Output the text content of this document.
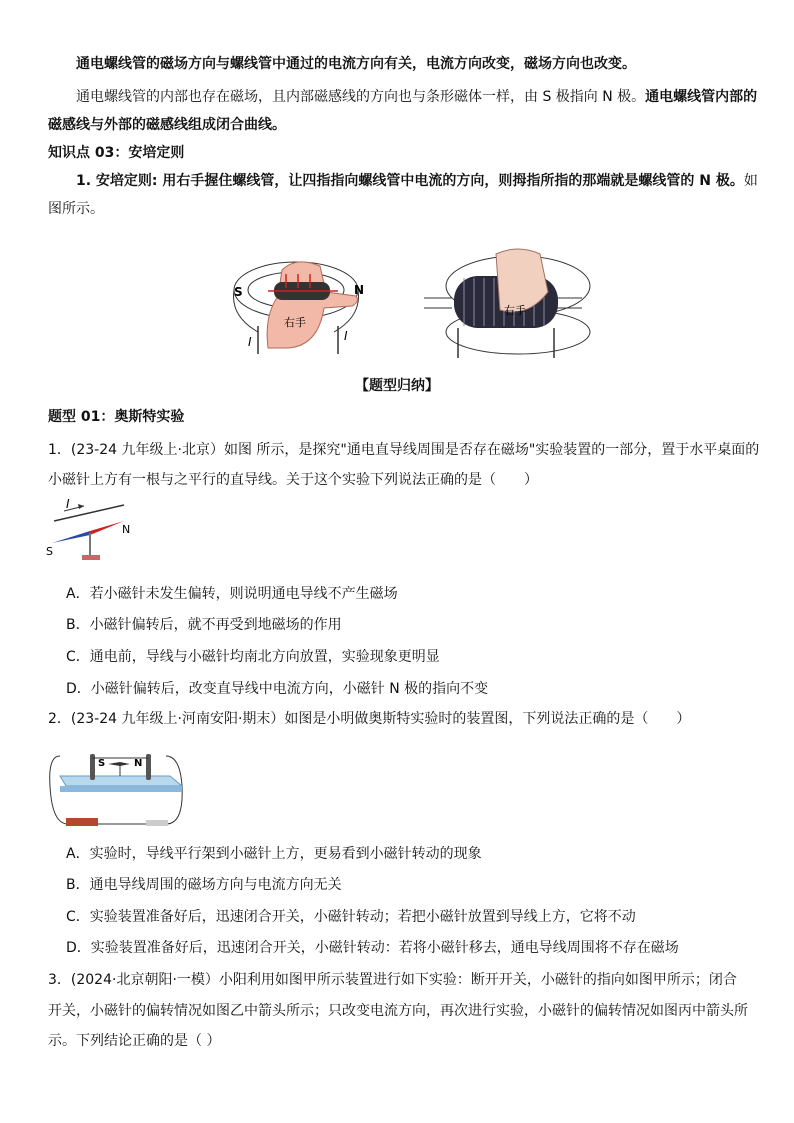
通电螺线管的磁场方向与螺线管中通过的电流方向有关，电流方向改变，磁场方向也改变。
通电螺线管的内部也存在磁场，且内部磁感线的方向也与条形磁体一样，由 S 极指向 N 极。通电螺线管内部的
磁感线与外部的磁感线组成闭合曲线。
知识点 03：安培定则
1. 安培定则: 用右手握住螺线管，让四指指向螺线管中电流的方向，则拇指所指的那端就是螺线管的 N 极。如
图所示。
S	N
右手
I	I
右手
【题型归纳】
题型 01：奥斯特实验
1．(23-24 九年级上·北京）如图 所示，是探究"通电直导线周围是否存在磁场"实验装置的一部分，置于水平桌面的
小磁针上方有一根与之平行的直导线。关于这个实验下列说法正确的是（　　）
I
S
N
A．若小磁针未发生偏转，则说明通电导线不产生磁场
B．小磁针偏转后，就不再受到地磁场的作用
C．通电前，导线与小磁针均南北方向放置，实验现象更明显
D．小磁针偏转后，改变直导线中电流方向，小磁针 N 极的指向不变
2．(23-24 九年级上·河南安阳·期末）如图是小明做奥斯特实验时的装置图，下列说法正确的是（　　）
S	N
A．实验时，导线平行架到小磁针上方，更易看到小磁针转动的现象
B．通电导线周围的磁场方向与电流方向无关
C．实验装置准备好后，迅速闭合开关，小磁针转动；若把小磁针放置到导线上方，它将不动
D．实验装置准备好后，迅速闭合开关，小磁针转动：若将小磁针移去，通电导线周围将不存在磁场
3．(2024·北京朝阳·一模）小阳利用如图甲所示装置进行如下实验：断开开关，小磁针的指向如图甲所示；闭合
开关，小磁针的偏转情况如图乙中箭头所示；只改变电流方向，再次进行实验，小磁针的偏转情况如图丙中箭头所
示。下列结论正确的是（ ）
